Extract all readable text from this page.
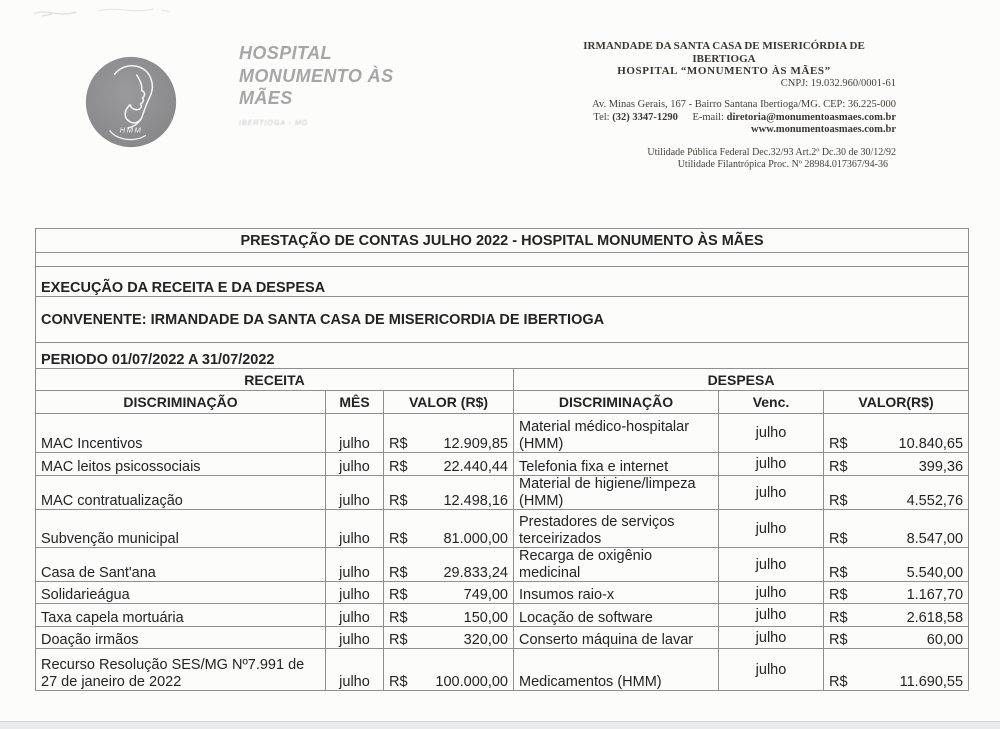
HMM
HOSPITAL
MONUMENTO ÀS
MÃES
IBERTIOGA - MG
IRMANDADE DA SANTA CASA DE MISERICÓRDIA DE IBERTIOGA
HOSPITAL “MONUMENTO ÀS MÃES”
CNPJ: 19.032.960/0001-61
Av. Minas Gerais, 167 - Bairro Santana Ibertioga/MG. CEP: 36.225-000
Tel: (32) 3347-1290 E-mail: diretoria@monumentoasmaes.com.br
www.monumentoasmaes.com.br
Utilidade Pública Federal Dec.32/93 Art.2º Dc.30 de 30/12/92
Utilidade Filantrópica Proc. Nº 28984.017367/94-36
PRESTAÇÃO DE CONTAS JULHO 2022 - HOSPITAL MONUMENTO ÀS MÃES					

EXECUÇÃO DA RECEITA E DA DESPESA					
CONVENENTE: IRMANDADE DA SANTA CASA DE MISERICORDIA DE IBERTIOGA					
PERIODO 01/07/2022 A 31/07/2022					
RECEITA			DESPESA		
DISCRIMINAÇÃO	MÊS	VALOR (R$)	DISCRIMINAÇÃO	Venc.	VALOR(R$)
MAC Incentivos	julho	R$ 12.909,85	Material médico-hospitalar (HMM)	julho	R$ 10.840,65

MAC leitos psicossociais	julho	R$ 22.440,44	Telefonia fixa e internet	julho	R$ 399,36

MAC contratualização	julho	R$ 12.498,16	Material de higiene/limpeza (HMM)	julho	R$ 4.552,76

Subvenção municipal	julho	R$ 81.000,00	Prestadores de serviços terceirizados	julho	R$ 8.547,00

Casa de Sant'ana	julho	R$ 29.833,24	Recarga de oxigênio medicinal	julho	R$ 5.540,00

Solidarieágua	julho	R$ 749,00	Insumos raio-x	julho	R$ 1.167,70

Taxa capela mortuária	julho	R$ 150,00	Locação de software	julho	R$ 2.618,58

Doação irmãos	julho	R$ 320,00	Conserto máquina de lavar	julho	R$ 60,00

Recurso Resolução SES/MG Nº7.991 de 27 de janeiro de 2022	julho	R$ 100.000,00	Medicamentos (HMM)	julho	R$ 11.690,55
